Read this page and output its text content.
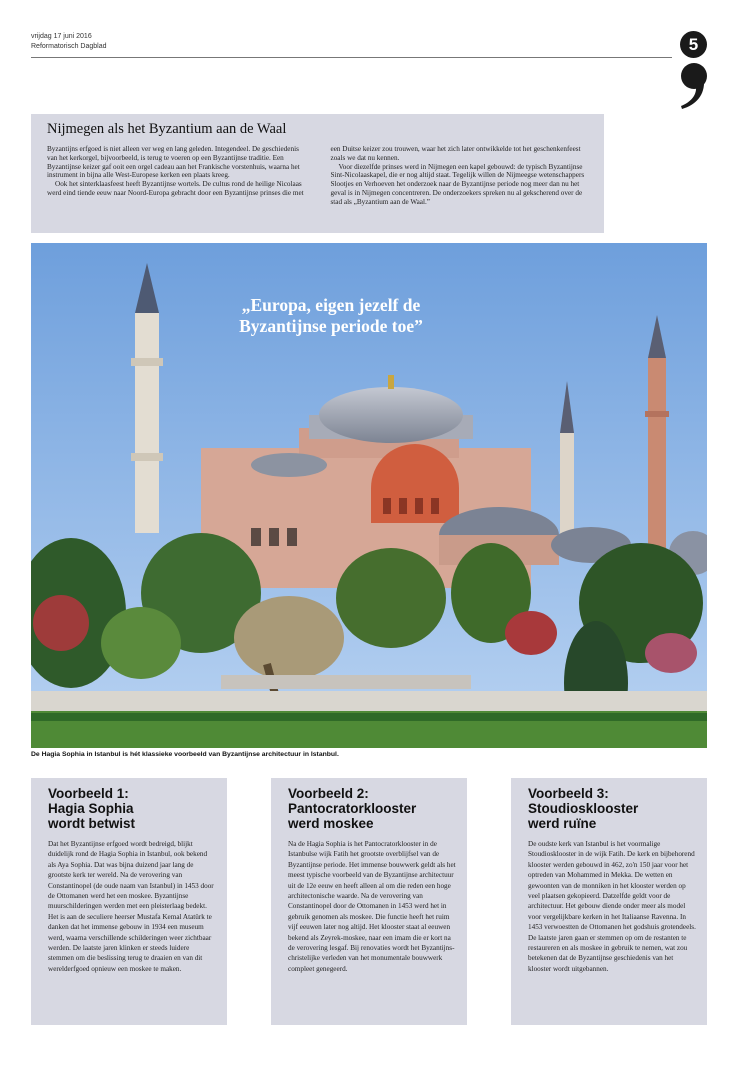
vrijdag 17 juni 2016
Reformatorisch Dagblad	5
Nijmegen als het Byzantium aan de Waal

Byzantijns erfgoed is niet alleen ver weg en lang geleden. Integendeel. De geschiedenis van het kerkorgel, bijvoorbeeld, is terug te voeren op een Byzantijnse traditie. Een Byzantijnse keizer gaf ooit een orgel cadeau aan het Frankische vorstenhuis, waarna het instrument in bijna alle West-Europese kerken een plaats kreeg.

Ook het sinterklaasfeest heeft Byzantijnse wortels. De cultus rond de heilige Nicolaas werd eind tiende eeuw naar Noord-Europa gebracht door een Byzantijnse prinses die met een Duitse keizer zou trouwen, waar het zich later ontwikkelde tot het geschenkenfeest zoals we dat nu kennen.

Voor diezelfde prinses werd in Nijmegen een kapel gebouwd: de typisch Byzantijnse Sint-Nicolaaskapel, die er nog altijd staat. Tegelijk willen de Nijmeegse wetenschappers Slootjes en Verhoeven het onderzoek naar de Byzantijnse periode nog meer dan nu het geval is in Nijmegen concentreren. De onderzoekers spreken nu al gekscherend over de stad als „Byzantium aan de Waal.”

„Europa, eigen jezelf de Byzantijnse periode toe”
De Hagia Sophia in Istanbul is hét klassieke voorbeeld van Byzantijnse architectuur in Istanbul.
Voorbeeld 1:
Hagia Sophia
wordt betwist

Dat het Byzantijnse erfgoed wordt bedreigd, blijkt duidelijk rond de Hagia Sophia in Istanbul, ook bekend als Aya Sophia. Dat was bijna duizend jaar lang de grootste kerk ter wereld. Na de verovering van Constantinopel (de oude naam van Istanbul) in 1453 door de Ottomanen werd het een moskee. Byzantijnse muurschilderingen werden met een pleisterlaag bedekt. Het is aan de seculiere heerser Mustafa Kemal Atatürk te danken dat het immense gebouw in 1934 een museum werd, waarna verschillende schilderingen weer zichtbaar werden. De laatste jaren klinken er steeds luidere stemmen om die beslissing terug te draaien en van dit werelderfgoed opnieuw een moskee te maken.

Voorbeeld 2:
Pantocratorklooster
werd moskee

Na de Hagia Sophia is het Pantocratorklooster in de Istanbulse wijk Fatih het grootste overblijfsel van de Byzantijnse periode. Het immense bouwwerk geldt als het meest typische voorbeeld van de Byzantijnse architectuur uit de 12e eeuw en heeft alleen al om die reden een hoge architectonische waarde. Na de verovering van Constantinopel door de Ottomanen in 1453 werd het in gebruik genomen als moskee. Die functie heeft het ruim vijf eeuwen later nog altijd. Het klooster staat al eeuwen bekend als Zeyrek-moskee, naar een imam die er kort na de verovering lesgaf. Bij renovaties wordt het Byzantijns-christelijke verleden van het monumentale bouwwerk compleet genegeerd.

Voorbeeld 3:
Stoudiosklooster
werd ruïne

De oudste kerk van Istanbul is het voormalige Stoudiosklooster in de wijk Fatih. De kerk en bijbehorend klooster werden gebouwd in 462, zo'n 150 jaar voor het optreden van Mohammed in Mekka. De wetten en gewoonten van de monniken in het klooster werden op veel plaatsen gekopieerd. Datzelfde geldt voor de architectuur. Het gebouw diende onder meer als model voor vergelijkbare kerken in het Italiaanse Ravenna. In 1453 verwoestten de Ottomanen het godshuis grotendeels. De laatste jaren gaan er stemmen op om de restanten te restaureren en als moskee in gebruik te nemen, wat zou betekenen dat de Byzantijnse geschiedenis van het klooster wordt uitgebannen.
